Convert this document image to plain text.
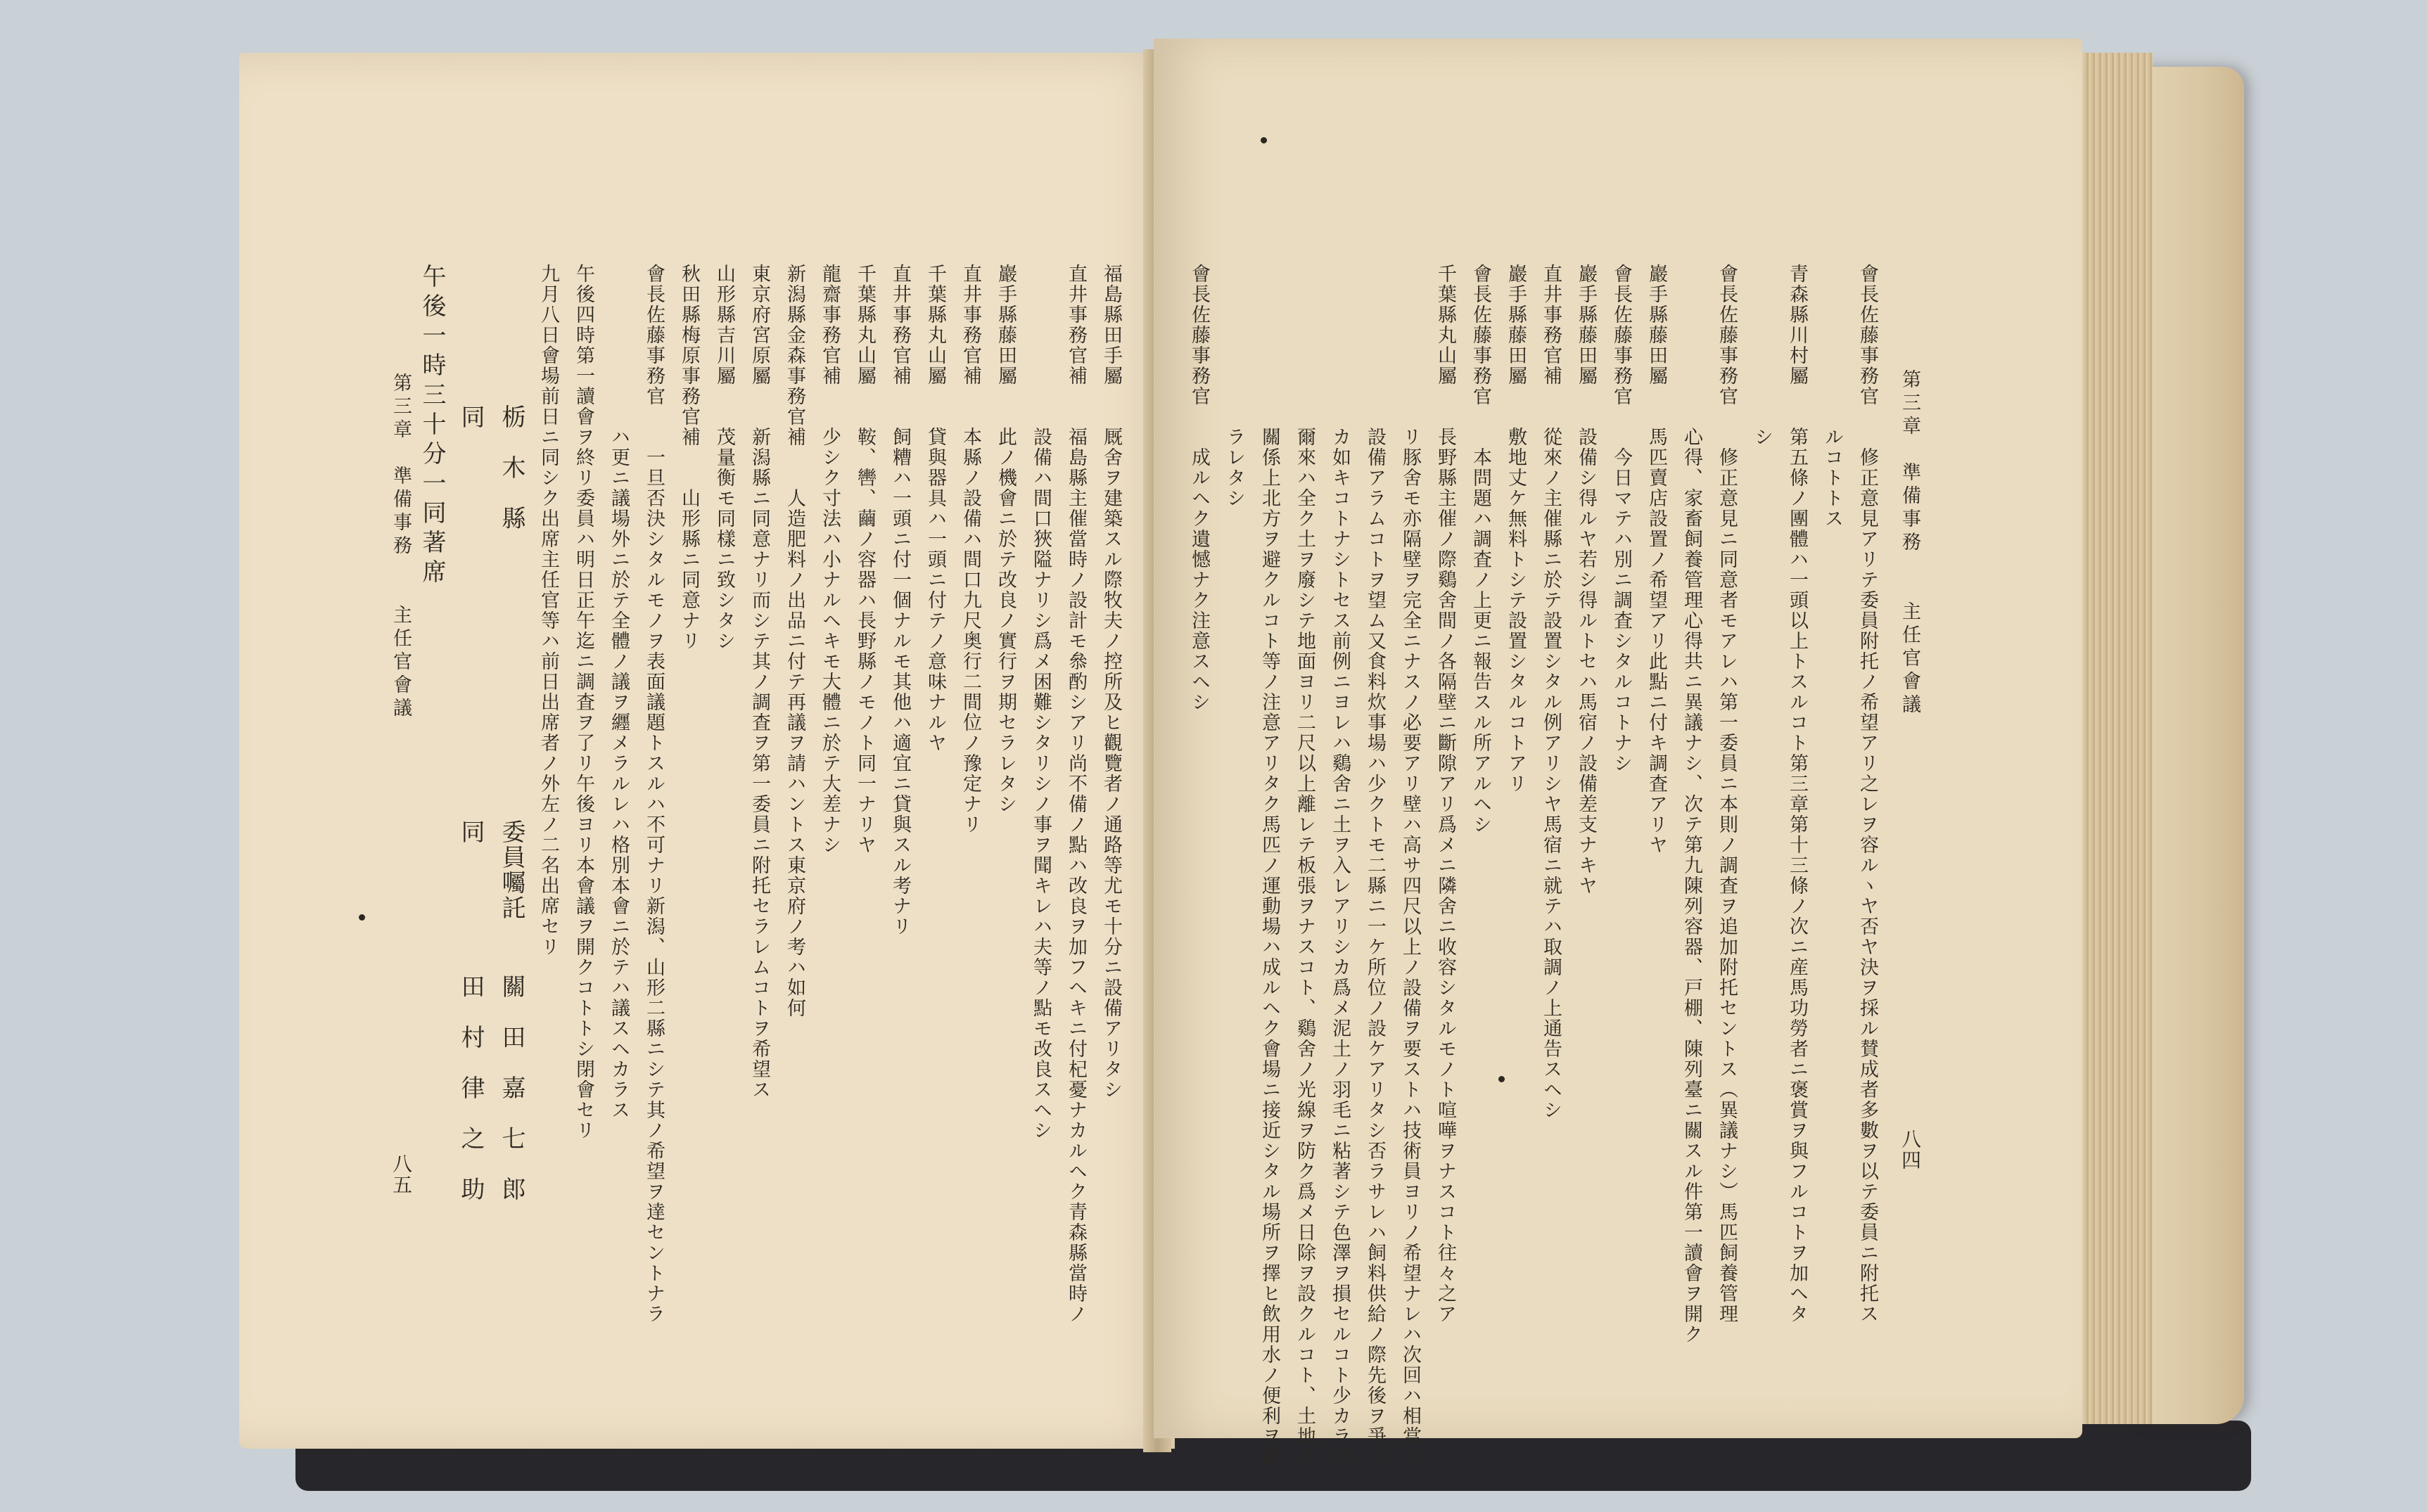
第三章　準備事務　　主任官會議
八五
午後一時三十分一同著席 同
同
田　村　律　之　助
栃　木　縣
委員囑託
關　田　嘉　七　郎
九月八日會場前日ニ同シク出席主任官等ハ前日出席者ノ外左ノ二名出席セリ 午後四時第一讀會ヲ終リ委員ハ明日正午迄ニ調査ヲ了リ午後ヨリ本會議ヲ開クコトトシ閉會セリ 　　　　　　　　ハ更ニ議場外ニ於テ全體ノ議ヲ纒メラルレハ格別本會ニ於テハ議スヘカラス 會長佐藤事務官　　一旦否決シタルモノヲ表面議題トスルハ不可ナリ新潟、山形二縣ニシテ其ノ希望ヲ達セントナラ 秋田縣梅原事務官補　　山形縣ニ同意ナリ 山形縣吉川屬　　茂量衡モ同樣ニ致シタシ 東京府宮原屬　　新潟縣ニ同意ナリ而シテ其ノ調査ヲ第一委員ニ附托セラレムコトヲ希望ス 新潟縣金森事務官補　　人造肥料ノ出品ニ付テ再議ヲ請ハントス東京府ノ考ハ如何 龍齋事務官補　　少シク寸法ハ小ナルヘキモ大體ニ於テ大差ナシ 千葉縣丸山屬　　鞍、轡、繭ノ容器ハ長野縣ノモノト同一ナリヤ 直井事務官補　　飼糟ハ一頭ニ付一個ナルモ其他ハ適宜ニ貸與スル考ナリ 千葉縣丸山屬　　貸與器具ハ一頭ニ付テノ意味ナルヤ 直井事務官補　　本縣ノ設備ハ間口九尺奥行二間位ノ豫定ナリ 巖手縣藤田屬　　此ノ機會ニ於テ改良ノ實行ヲ期セラレタシ 　　　　　　　　設備ハ間口狹隘ナリシ爲メ困難シタリシノ事ヲ聞キレハ夫等ノ點モ改良スヘシ 直井事務官補　　福島縣主催當時ノ設計モ叅酌シアリ尚不備ノ點ハ改良ヲ加フヘキニ付杞憂ナカルヘク青森縣當時ノ 福島縣田手屬　　厩舍ヲ建築スル際牧夫ノ控所及ヒ觀覽者ノ通路等尤モ十分ニ設備アリタシ	會長佐藤事務官　　成ルヘク遺憾ナク注意スヘシ 　　　　　　　　ラレタシ 　　　　　　　　關係上北方ヲ避クルコト等ノ注意アリタク馬匹ノ運動場ハ成ルヘク會場ニ接近シタル場所ヲ擇ヒ飲用水ノ便利ヲ計 　　　　　　　　爾來ハ全ク土ヲ廢シテ地面ヨリ二尺以上離レテ板張ヲナスコト、鷄舍ノ光線ヲ防ク爲メ日除ヲ設クルコト、土地ノ 　　　　　　　　カ如キコトナシトセス前例ニヨレハ鷄舍ニ土ヲ入レアリシカ爲メ泥土ノ羽毛ニ粘著シテ色澤ヲ損セルコト少カラス 　　　　　　　　設備アラムコトヲ望ム又食料炊事場ハ少クトモ二縣ニ一ケ所位ノ設ケアリタシ否ラサレハ飼料供給ノ際先後ヲ爭フ 　　　　　　　　リ豚舍モ亦隔壁ヲ完全ニナスノ必要アリ壁ハ高サ四尺以上ノ設備ヲ要ストハ技術員ヨリノ希望ナレハ次回ハ相當ノ 千葉縣丸山屬　　長野縣主催ノ際鷄舍間ノ各隔壁ニ斷隙アリ爲メニ隣舍ニ收容シタルモノト喧嘩ヲナスコト往々之ア 會長佐藤事務官　　本問題ハ調査ノ上更ニ報告スル所アルヘシ 巖手縣藤田屬　　敷地丈ケ無料トシテ設置シタルコトアリ 直井事務官補　　從來ノ主催縣ニ於テ設置シタル例アリシヤ馬宿ニ就テハ取調ノ上通告スヘシ 巖手縣藤田屬　　設備シ得ルヤ若シ得ルトセハ馬宿ノ設備差支ナキヤ 會長佐藤事務官　　今日マテハ別ニ調査シタルコトナシ 巖手縣藤田屬　　馬匹賣店設置ノ希望アリ此點ニ付キ調査アリヤ 　　　　　　　　心得、家畜飼養管理心得共ニ異議ナシ、次テ第九陳列容器、戸棚、陳列臺ニ關スル件第一讀會ヲ開ク 會長佐藤事務官　　修正意見ニ同意者モアレハ第一委員ニ本則ノ調査ヲ追加附托セントス（異議ナシ）馬匹飼養管理 　　　　　　　　シ 青森縣川村屬　　第五條ノ團體ハ一頭以上トスルコト第三章第十三條ノ次ニ産馬功勞者ニ褒賞ヲ與フルコトヲ加ヘタ 　　　　　　　　ルコトトス 會長佐藤事務官　　修正意見アリテ委員附托ノ希望アリ之レヲ容ルヽヤ否ヤ決ヲ採ル賛成者多數ヲ以テ委員ニ附托ス 第三章　準備事務　　主任官會議
八四
